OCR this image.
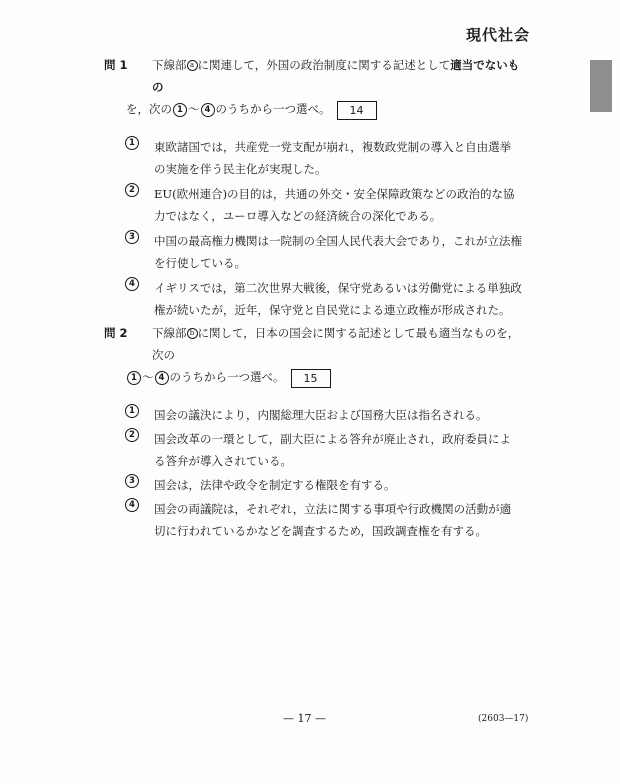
現代社会
問 1	下線部 a に関連して，外国の政治制度に関する記述として適当でないもの
を，次の 1 〜 4 のうちから一つ選べ。 14
1	東欧諸国では，共産党一党支配が崩れ，複数政党制の導入と自由選挙の実施を伴う民主化が実現した。

2	EU(欧州連合)の目的は，共通の外交・安全保障政策などの政治的な協力ではなく，ユーロ導入などの経済統合の深化である。

3	中国の最高権力機関は一院制の全国人民代表大会であり，これが立法権を行使している。

4	イギリスでは，第二次世界大戦後，保守党あるいは労働党による単独政権が続いたが，近年，保守党と自民党による連立政権が形成された。

問 2	下線部 b に関して，日本の国会に関する記述として最も適当なものを，次の
1 〜 4 のうちから一つ選べ。 15
1	国会の議決により，内閣総理大臣および国務大臣は指名される。

2	国会改革の一環として，副大臣による答弁が廃止され，政府委員による答弁が導入されている。

3	国会は，法律や政令を制定する権限を有する。

4	国会の両議院は，それぞれ，立法に関する事項や行政機関の活動が適切に行われているかなどを調査するため，国政調査権を有する。

— 17 —	(2603—17)
